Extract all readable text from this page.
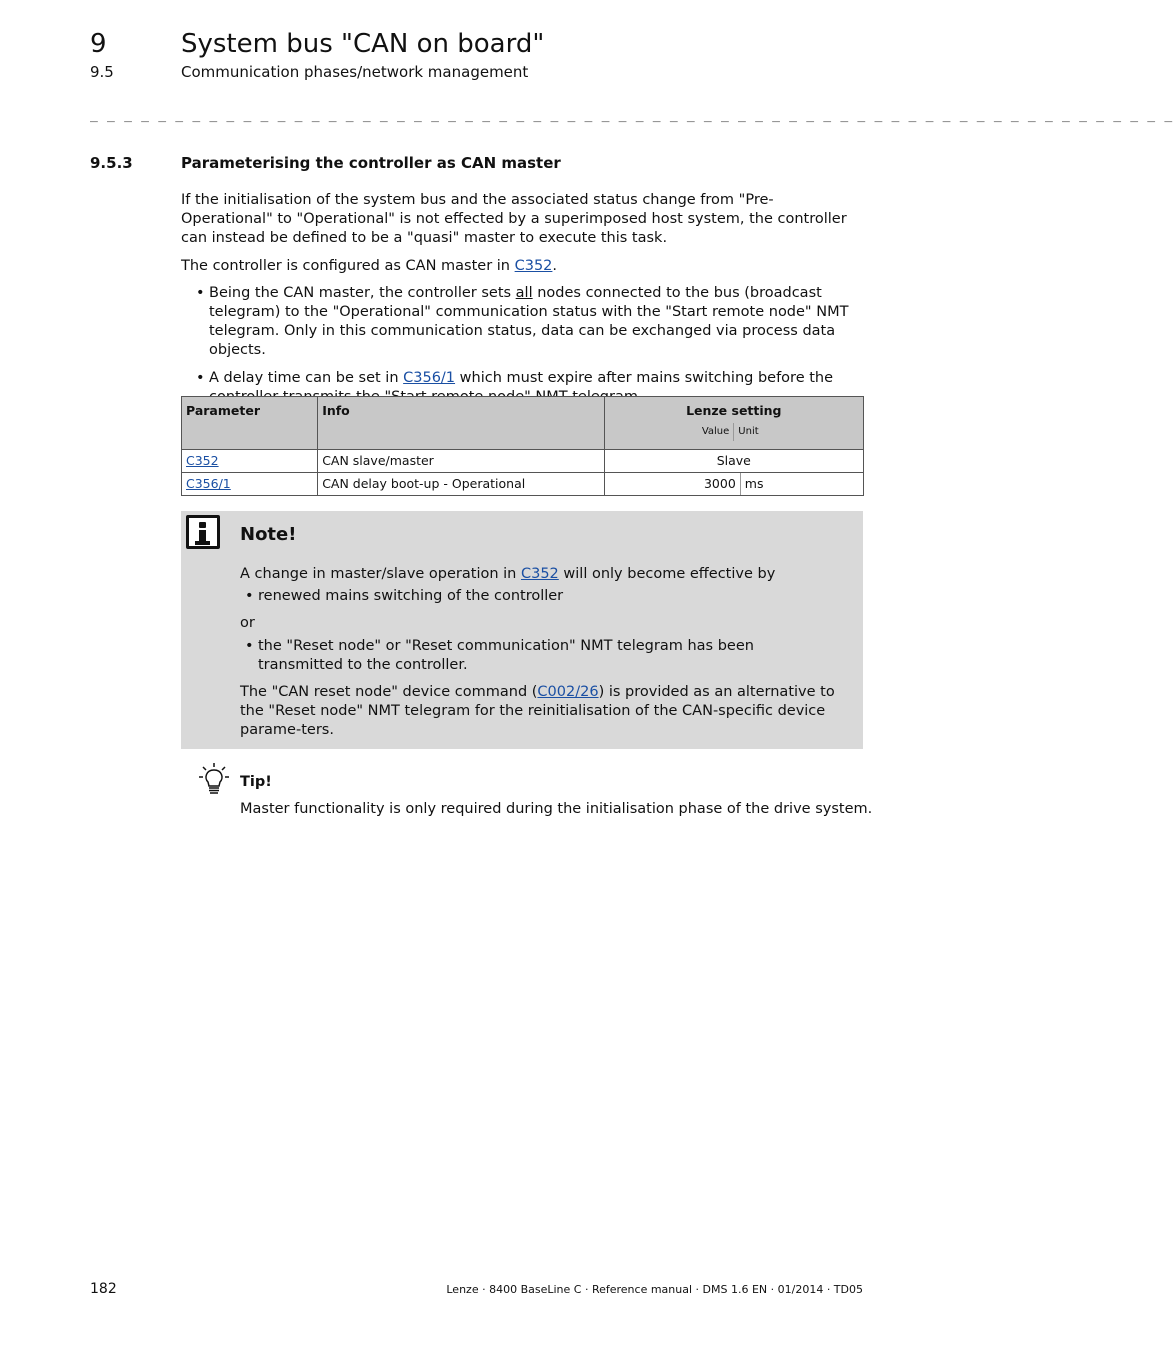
9	System bus "CAN on board"
9.5	Communication phases/network management
_ _ _ _ _ _ _ _ _ _ _ _ _ _ _ _ _ _ _ _ _ _ _ _ _ _ _ _ _ _ _ _ _ _ _ _ _ _ _ _ _ _ _ _ _ _ _ _ _ _ _ _ _ _ _ _ _ _ _ _ _ _ _ _
9.5.3	Parameterising the controller as CAN master
If the initialisation of the system bus and the associated status change from "Pre-Operational" to "Operational" is not effected by a superimposed host system, the controller can instead be defined to be a "quasi" master to execute this task.
The controller is configured as CAN master in C352.
• Being the CAN master, the controller sets all nodes connected to the bus (broadcast telegram) to the "Operational" communication status with the "Start remote node" NMT telegram. Only in this communication status, data can be exchanged via process data objects.
• A delay time can be set in C356/1 which must expire after mains switching before the
Parameter	Info	Lenze setting
Value Unit	

C352	CAN slave/master	Slave	
C356/1	CAN delay boot-up - Operational	3000	ms
Note!
A change in master/slave operation in C352 will only become effective by
• renewed mains switching of the controller
or
• the "Reset node" or "Reset communication" NMT telegram has been transmitted to the controller.
The "CAN reset node" device command (C002/26) is provided as an alternative to the "Reset node" NMT telegram for the reinitialisation of the CAN-specific device parame-ters.
Tip!
Master functionality is only required during the initialisation phase of the drive system.
182	Lenze · 8400 BaseLine C · Reference manual · DMS 1.6 EN · 01/2014 · TD05
